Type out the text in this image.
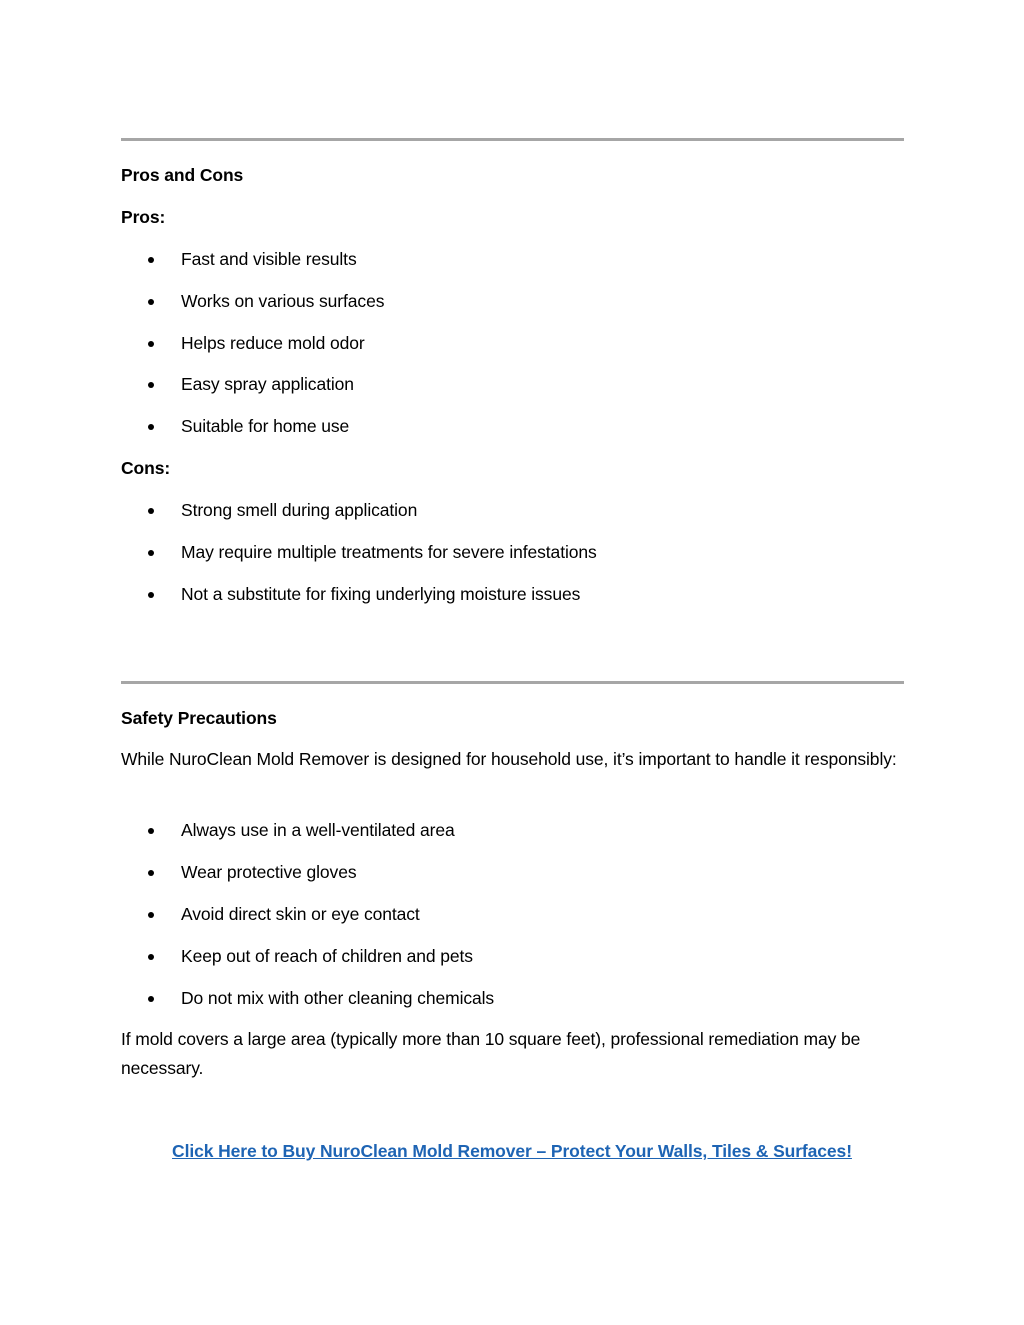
Pros and Cons
Pros:
Fast and visible results
Works on various surfaces
Helps reduce mold odor
Easy spray application
Suitable for home use
Cons:
Strong smell during application
May require multiple treatments for severe infestations
Not a substitute for fixing underlying moisture issues
Safety Precautions
While NuroClean Mold Remover is designed for household use, it’s important to handle it responsibly:
Always use in a well-ventilated area
Wear protective gloves
Avoid direct skin or eye contact
Keep out of reach of children and pets
Do not mix with other cleaning chemicals
If mold covers a large area (typically more than 10 square feet), professional remediation may be necessary.
Click Here to Buy NuroClean Mold Remover – Protect Your Walls, Tiles & Surfaces!
